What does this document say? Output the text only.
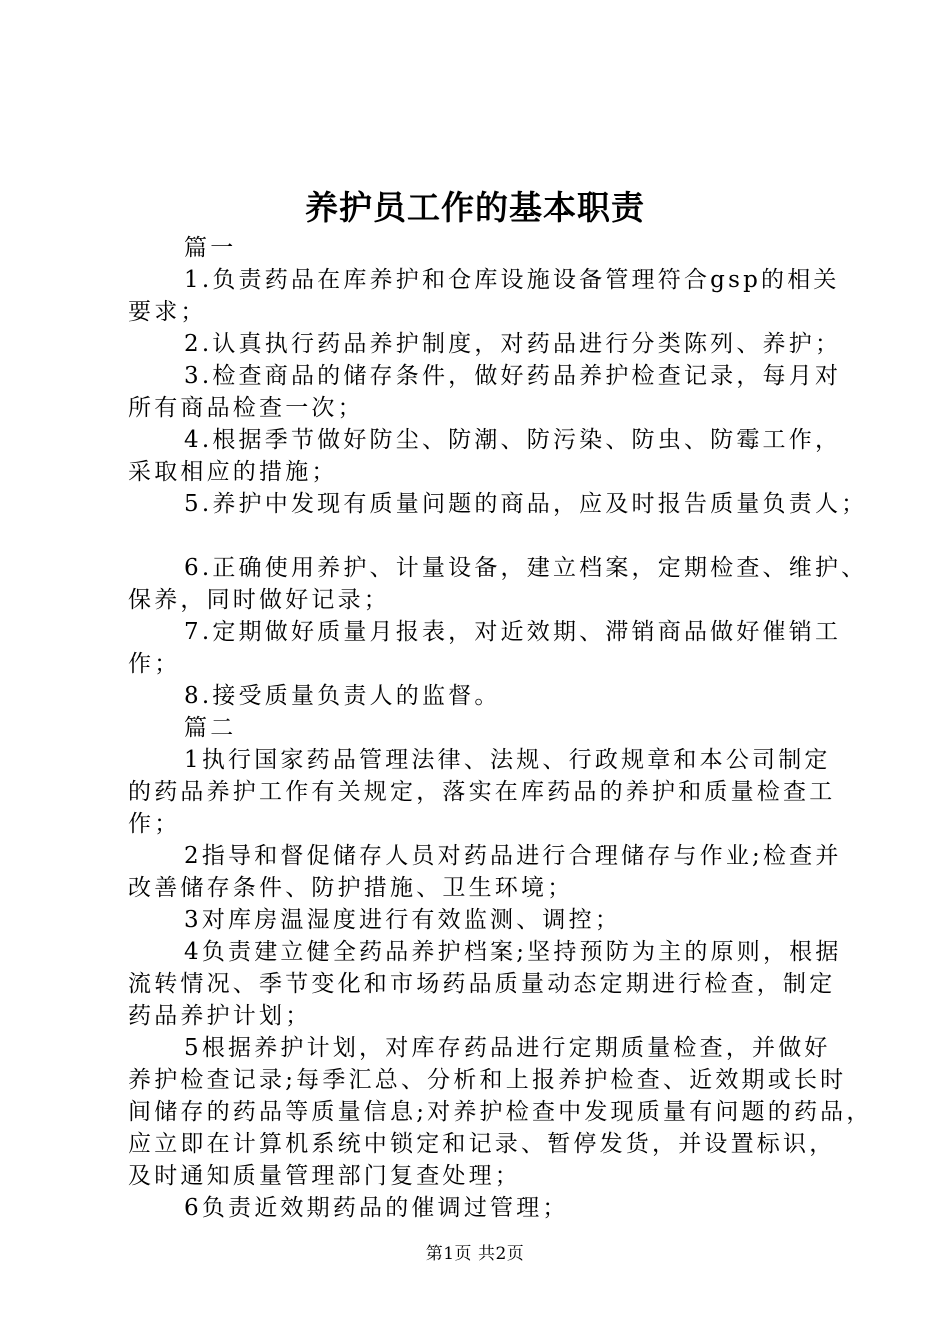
养护员工作的基本职责
篇一
1.负责药品在库养护和仓库设施设备管理符合gsp的相关
要求；
2.认真执行药品养护制度，对药品进行分类陈列、养护；
3.检查商品的储存条件，做好药品养护检查记录，每月对
所有商品检查一次；
4.根据季节做好防尘、防潮、防污染、防虫、防霉工作，
采取相应的措施；
5.养护中发现有质量问题的商品，应及时报告质量负责人；
6.正确使用养护、计量设备，建立档案，定期检查、维护、
保养，同时做好记录；
7.定期做好质量月报表，对近效期、滞销商品做好催销工
作；
8.接受质量负责人的监督。
篇二
1执行国家药品管理法律、法规、行政规章和本公司制定
的药品养护工作有关规定，落实在库药品的养护和质量检查工
作；
2指导和督促储存人员对药品进行合理储存与作业;检查并
改善储存条件、防护措施、卫生环境；
3对库房温湿度进行有效监测、调控；
4负责建立健全药品养护档案;坚持预防为主的原则，根据
流转情况、季节变化和市场药品质量动态定期进行检查，制定
药品养护计划；
5根据养护计划，对库存药品进行定期质量检查，并做好
养护检查记录;每季汇总、分析和上报养护检查、近效期或长时
间储存的药品等质量信息;对养护检查中发现质量有问题的药品，
应立即在计算机系统中锁定和记录、暂停发货，并设置标识，
及时通知质量管理部门复查处理；
6负责近效期药品的催调过管理；
第1页 共2页
